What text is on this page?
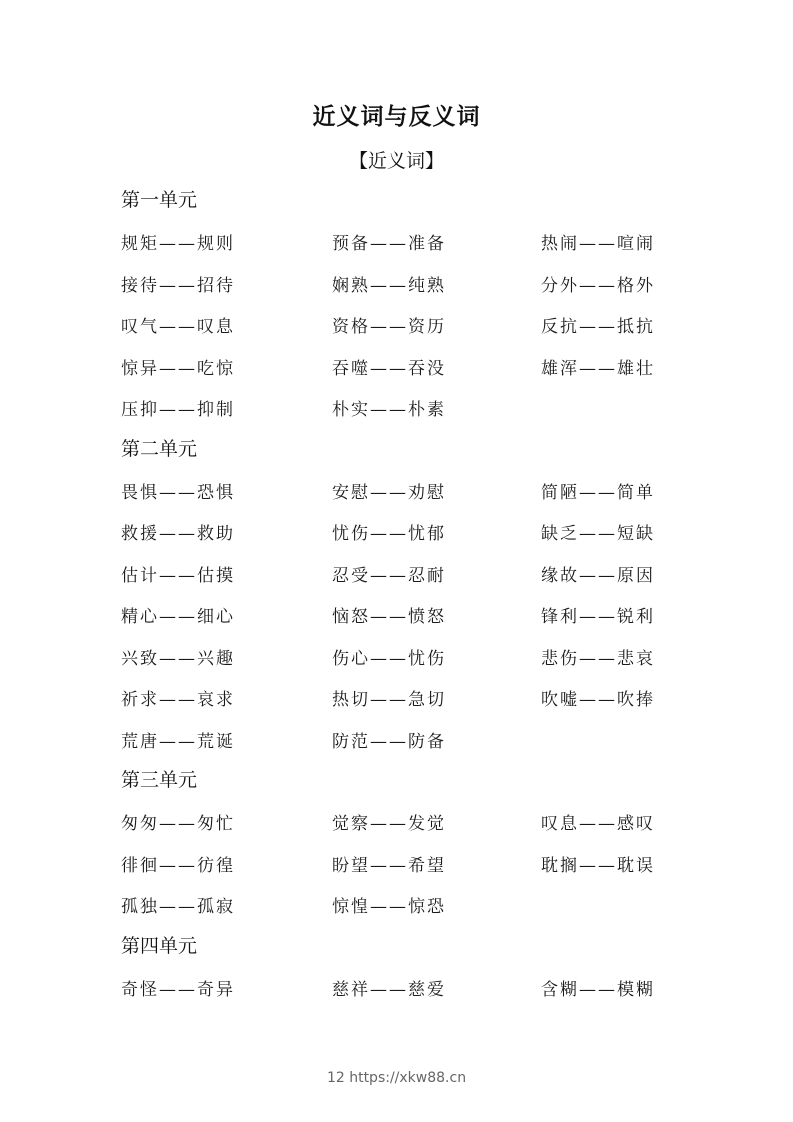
近义词与反义词
【近义词】
第一单元
规矩——规则	预备——准备	热闹——喧闹
接待——招待	娴熟——纯熟	分外——格外
叹气——叹息	资格——资历	反抗——抵抗
惊异——吃惊	吞噬——吞没	雄浑——雄壮
压抑——抑制	朴实——朴素
第二单元
畏惧——恐惧	安慰——劝慰	简陋——简单
救援——救助	忧伤——忧郁	缺乏——短缺
估计——估摸	忍受——忍耐	缘故——原因
精心——细心	恼怒——愤怒	锋利——锐利
兴致——兴趣	伤心——忧伤	悲伤——悲哀
祈求——哀求	热切——急切	吹嘘——吹捧
荒唐——荒诞	防范——防备
第三单元
匆匆——匆忙	觉察——发觉	叹息——感叹
徘徊——彷徨	盼望——希望	耽搁——耽误
孤独——孤寂	惊惶——惊恐
第四单元
奇怪——奇异	慈祥——慈爱	含糊——模糊
12 https://xkw88.cn
